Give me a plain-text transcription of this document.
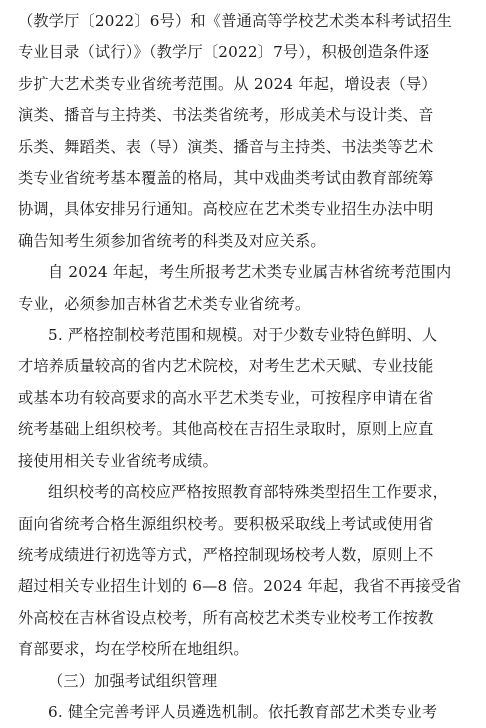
（教学厅〔2022〕6号）和《普通高等学校艺术类本科考试招生
专业目录（试行）》（教学厅〔2022〕7号），积极创造条件逐
步扩大艺术类专业省统考范围。从 2024 年起，增设表（导）
演类、播音与主持类、书法类省统考，形成美术与设计类、音
乐类、舞蹈类、表（导）演类、播音与主持类、书法类等艺术
类专业省统考基本覆盖的格局，其中戏曲类考试由教育部统筹
协调，具体安排另行通知。高校应在艺术类专业招生办法中明
确告知考生须参加省统考的科类及对应关系。
自 2024 年起，考生所报考艺术类专业属吉林省统考范围内
专业，必须参加吉林省艺术类专业省统考。
5. 严格控制校考范围和规模。对于少数专业特色鲜明、人
才培养质量较高的省内艺术院校，对考生艺术天赋、专业技能
或基本功有较高要求的高水平艺术类专业，可按程序申请在省
统考基础上组织校考。其他高校在吉招生录取时，原则上应直
接使用相关专业省统考成绩。
组织校考的高校应严格按照教育部特殊类型招生工作要求，
面向省统考合格生源组织校考。要积极采取线上考试或使用省
统考成绩进行初选等方式，严格控制现场校考人数，原则上不
超过相关专业招生计划的 6—8 倍。2024 年起，我省不再接受省
外高校在吉林省设点校考，所有高校艺术类专业校考工作按教
育部要求，均在学校所在地组织。
（三）加强考试组织管理
6. 健全完善考评人员遴选机制。依托教育部艺术类专业考
